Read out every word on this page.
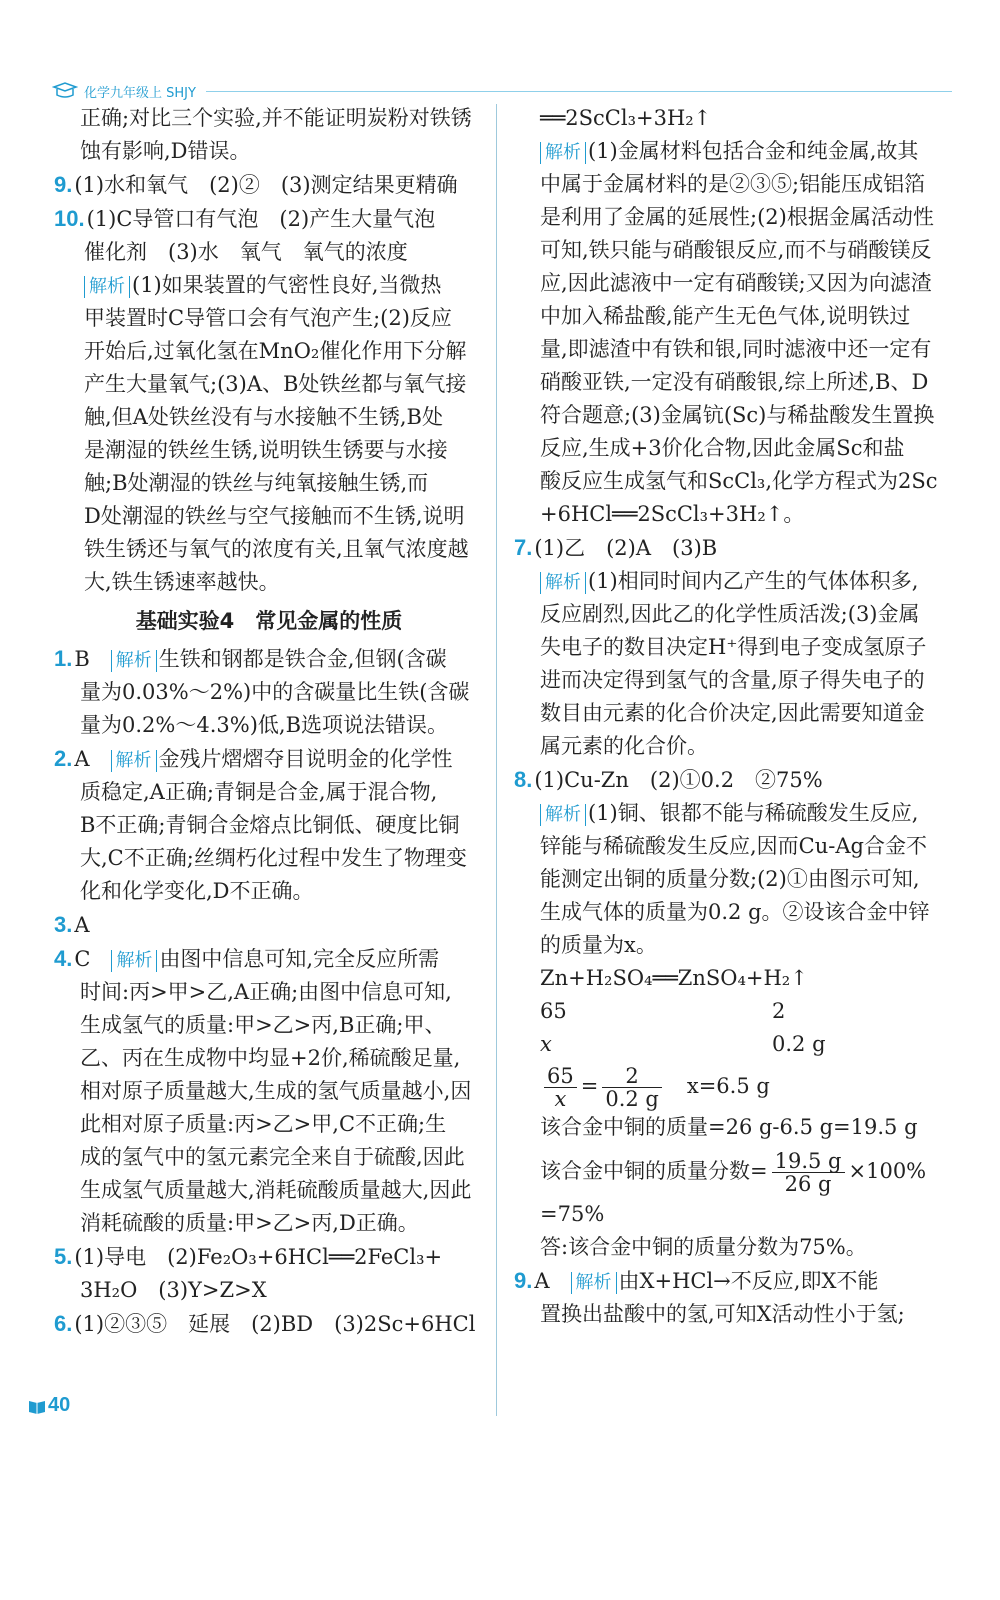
化学九年级上 SHJY

正确;对比三个实验,并不能证明炭粉对铁锈

蚀有影响,D错误。

9.(1)水和氧气　(2)②　(3)测定结果更精确

10.(1)C导管口有气泡　(2)产生大量气泡

催化剂　(3)水　氧气　氧气的浓度

解析 (1)如果装置的气密性良好,当微热

甲装置时C导管口会有气泡产生;(2)反应

开始后,过氧化氢在MnO₂催化作用下分解

产生大量氧气;(3)A、B处铁丝都与氧气接

触,但A处铁丝没有与水接触不生锈,B处

是潮湿的铁丝生锈,说明铁生锈要与水接

触;B处潮湿的铁丝与纯氧接触生锈,而

D处潮湿的铁丝与空气接触而不生锈,说明

铁生锈还与氧气的浓度有关,且氧气浓度越

大,铁生锈速率越快。

基础实验4　常见金属的性质

1.B　 解析 生铁和钢都是铁合金,但钢(含碳

量为0.03%～2%)中的含碳量比生铁(含碳

量为0.2%～4.3%)低,B选项说法错误。

2.A　 解析 金残片熠熠夺目说明金的化学性

质稳定,A正确;青铜是合金,属于混合物,

B不正确;青铜合金熔点比铜低、硬度比铜

大,C不正确;丝绸朽化过程中发生了物理变

化和化学变化,D不正确。

3.A

4.C　 解析 由图中信息可知,完全反应所需

时间:丙>甲>乙,A正确;由图中信息可知,

生成氢气的质量:甲>乙>丙,B正确;甲、

乙、丙在生成物中均显+2价,稀硫酸足量,

相对原子质量越大,生成的氢气质量越小,因

此相对原子质量:丙>乙>甲,C不正确;生

成的氢气中的氢元素完全来自于硫酸,因此

生成氢气质量越大,消耗硫酸质量越大,因此

消耗硫酸的质量:甲>乙>丙,D正确。

5.(1)导电　(2)Fe₂O₃+6HCl══2FeCl₃+

3H₂O　(3)Y>Z>X

6.(1)②③⑤　延展　(2)BD　(3)2Sc+6HCl

══2ScCl₃+3H₂↑

解析 (1)金属材料包括合金和纯金属,故其

中属于金属材料的是②③⑤;铝能压成铝箔

是利用了金属的延展性;(2)根据金属活动性

可知,铁只能与硝酸银反应,而不与硝酸镁反

应,因此滤液中一定有硝酸镁;又因为向滤渣

中加入稀盐酸,能产生无色气体,说明铁过

量,即滤渣中有铁和银,同时滤液中还一定有

硝酸亚铁,一定没有硝酸银,综上所述,B、D

符合题意;(3)金属钪(Sc)与稀盐酸发生置换

反应,生成+3价化合物,因此金属Sc和盐

酸反应生成氢气和ScCl₃,化学方程式为2Sc

+6HCl══2ScCl₃+3H₂↑。

7.(1)乙　(2)A　(3)B

解析 (1)相同时间内乙产生的气体体积多,

反应剧烈,因此乙的化学性质活泼;(3)金属

失电子的数目决定H⁺得到电子变成氢原子

进而决定得到氢气的含量,原子得失电子的

数目由元素的化合价决定,因此需要知道金

属元素的化合价。

8.(1)Cu-Zn　(2)①0.2　②75%

解析 (1)铜、银都不能与稀硫酸发生反应,

锌能与稀硫酸发生反应,因而Cu-Ag合金不

能测定出铜的质量分数;(2)①由图示可知,

生成气体的质量为0.2 g。②设该合金中锌

的质量为x。

Zn+H₂SO₄══ZnSO₄+H₂↑

65	2

x	0.2 g

$\frac{65}{x} = \frac{2}{0.2 g}$
　 x=6.5 g

该合金中铜的质量=26 g-6.5 g=19.5 g

该合金中铜的质量分数= $\frac{19.5 g}{26 g} \times 100\%$

=75%

答:该合金中铜的质量分数为75%。

9.A　 解析 由X+HCl→不反应,即X不能

置换出盐酸中的氢,可知X活动性小于氢;

40
